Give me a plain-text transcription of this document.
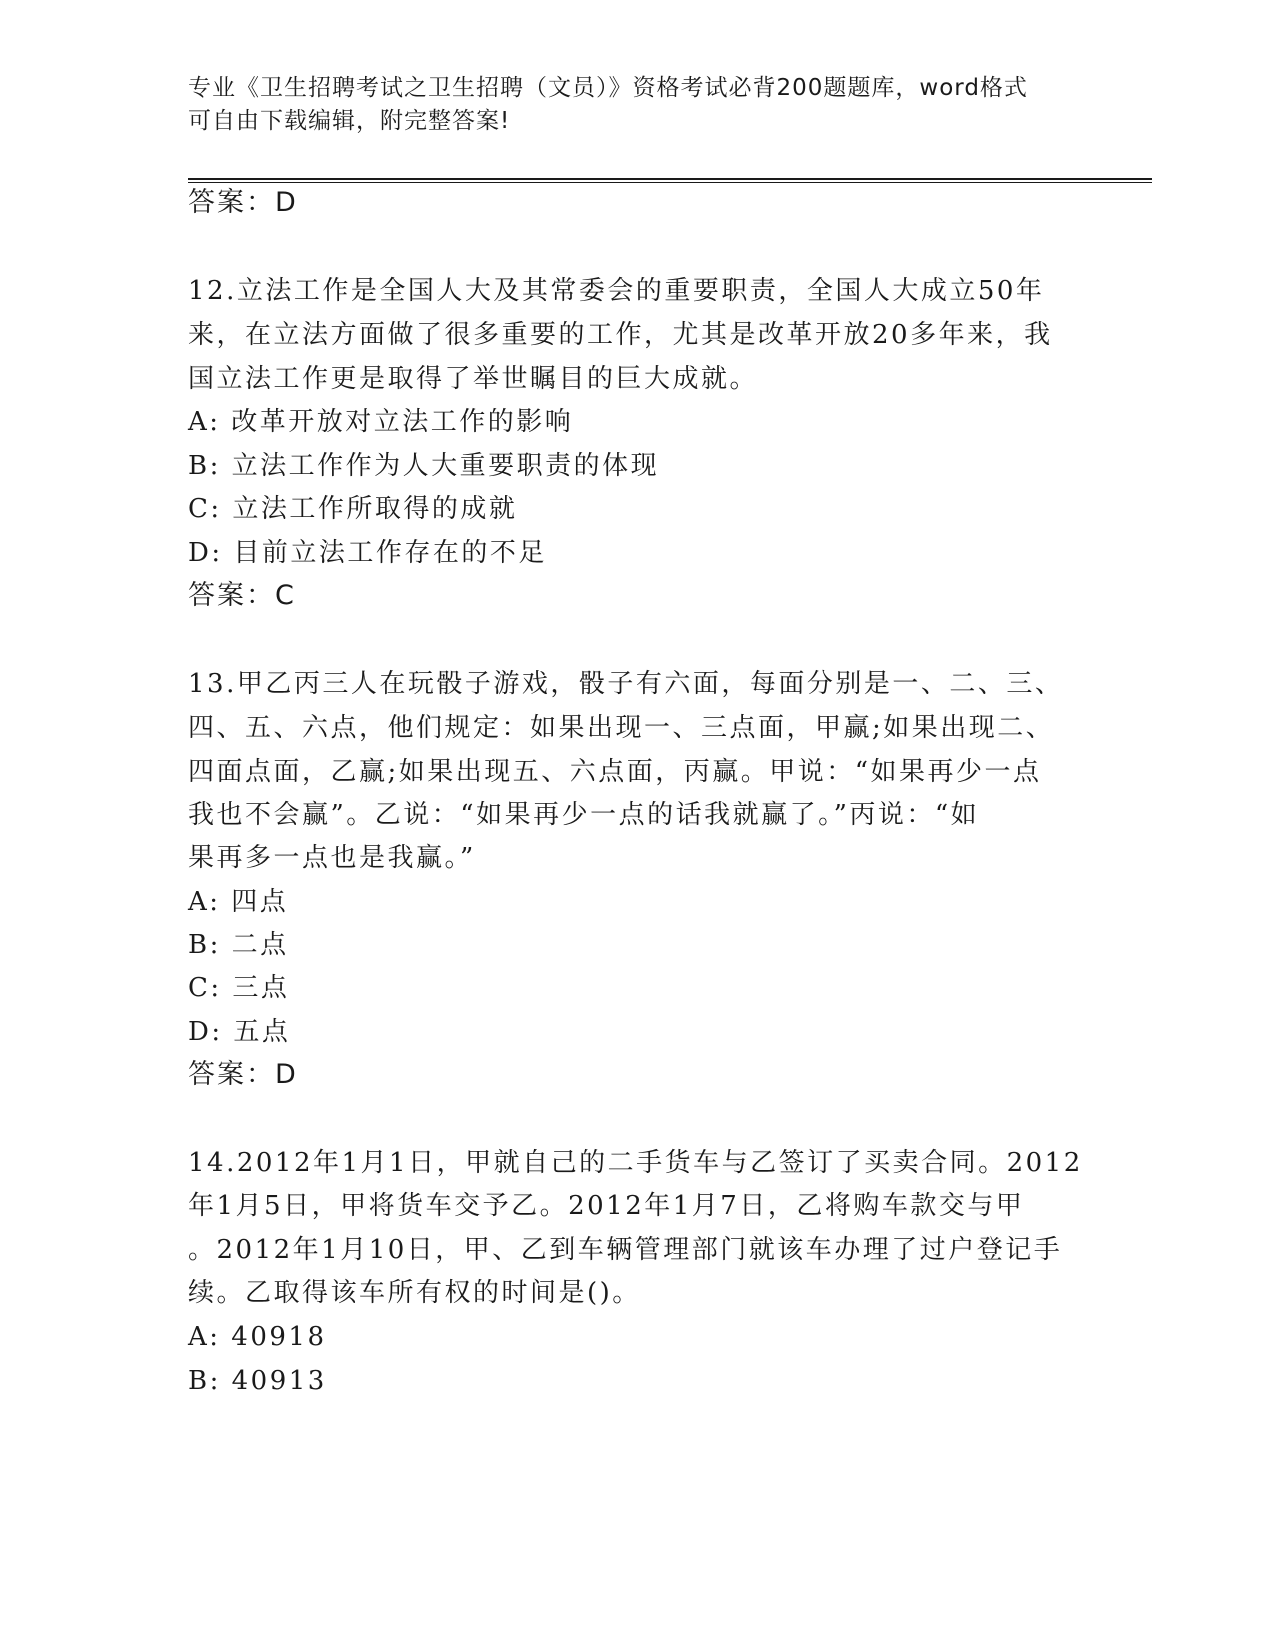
专业《卫生招聘考试之卫生招聘（文员）》资格考试必背200题题库，word格式
可自由下载编辑，附完整答案!
答案：D
12.立法工作是全国人大及其常委会的重要职责，全国人大成立50年
来，在立法方面做了很多重要的工作，尤其是改革开放20多年来，我
国立法工作更是取得了举世瞩目的巨大成就。
A: 改革开放对立法工作的影响
B: 立法工作作为人大重要职责的体现
C: 立法工作所取得的成就
D: 目前立法工作存在的不足
答案：C
13.甲乙丙三人在玩骰子游戏，骰子有六面，每面分别是一、二、三、
四、五、六点，他们规定：如果出现一、三点面，甲赢;如果出现二、
四面点面，乙赢;如果出现五、六点面，丙赢。甲说：“如果再少一点
我也不会赢”。乙说：“如果再少一点的话我就赢了。”丙说：“如
果再多一点也是我赢。”
A: 四点
B: 二点
C: 三点
D: 五点
答案：D
14.2012年1月1日，甲就自己的二手货车与乙签订了买卖合同。2012
年1月5日，甲将货车交予乙。2012年1月7日，乙将购车款交与甲
。2012年1月10日，甲、乙到车辆管理部门就该车办理了过户登记手
续。乙取得该车所有权的时间是()。
A: 40918
B: 40913
